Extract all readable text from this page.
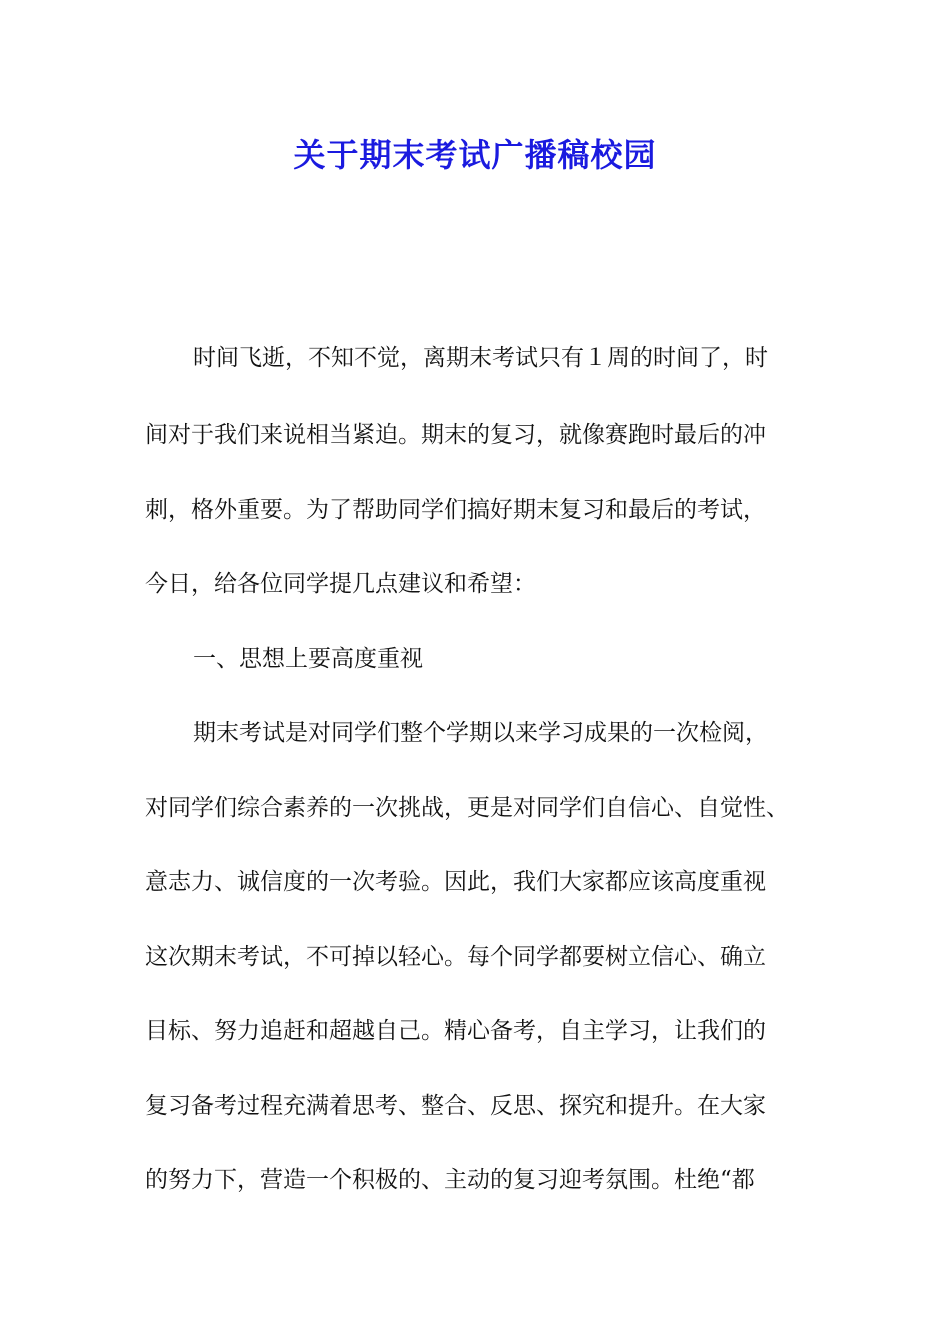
关于期末考试广播稿校园
时间飞逝，不知不觉，离期末考试只有１周的时间了，时
间对于我们来说相当紧迫。期末的复习，就像赛跑时最后的冲
刺，格外重要。为了帮助同学们搞好期末复习和最后的考试，
今日，给各位同学提几点建议和希望：
一、思想上要高度重视
期末考试是对同学们整个学期以来学习成果的一次检阅，
对同学们综合素养的一次挑战，更是对同学们自信心、自觉性、
意志力、诚信度的一次考验。因此，我们大家都应该高度重视
这次期末考试，不可掉以轻心。每个同学都要树立信心、确立
目标、努力追赶和超越自己。精心备考，自主学习，让我们的
复习备考过程充满着思考、整合、反思、探究和提升。在大家
的努力下，营造一个积极的、主动的复习迎考氛围。杜绝“都
